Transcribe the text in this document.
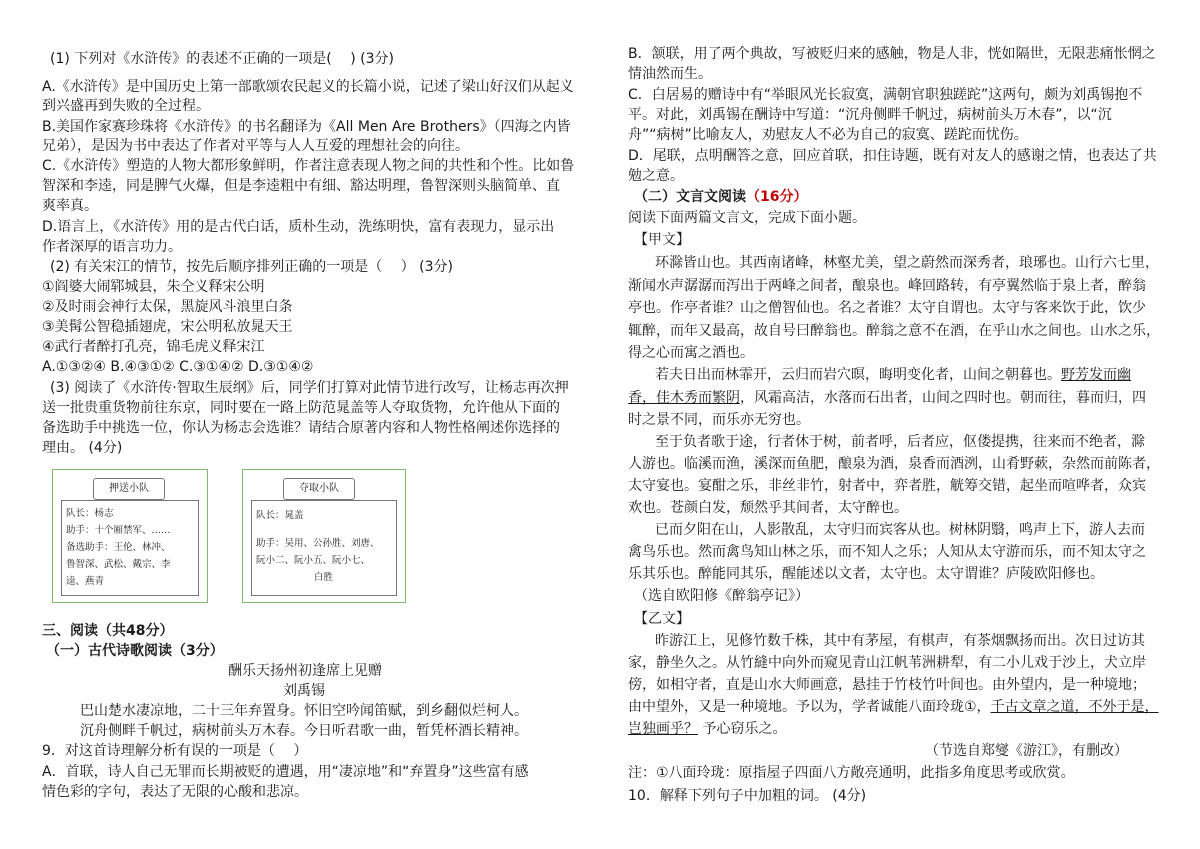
(1) 下列对《水浒传》的表述不正确的一项是(　 ) (3分)
A.《水浒传》是中国历史上第一部歌颂农民起义的长篇小说，记述了梁山好汉们从起义
到兴盛再到失败的全过程。
B.美国作家赛珍珠将《水浒传》的书名翻译为《All Men Are Brothers》（四海之内皆
兄弟），是因为书中表达了作者对平等与人人互爱的理想社会的向往。
C.《水浒传》塑造的人物大都形象鲜明，作者注意表现人物之间的共性和个性。比如鲁
智深和李逵，同是脾气火爆，但是李逵粗中有细、豁达明理，鲁智深则头脑简单、直
爽率真。
D.语言上，《水浒传》用的是古代白话，质朴生动，洗练明快，富有表现力，显示出
作者深厚的语言功力。
(2) 有关宋江的情节，按先后顺序排列正确的一项是（　 ） (3分)
①阎婆大闹郓城县，朱仝义释宋公明
②及时雨会神行太保，黑旋风斗浪里白条
③美髯公智稳插翅虎，宋公明私放晁天王
④武行者醉打孔亮，锦毛虎义释宋江
A.①③②④ B.④③①② C.③①④② D.③①④②
(3) 阅读了《水浒传·智取生辰纲》后，同学们打算对此情节进行改写，让杨志再次押
送一批贵重货物前往东京，同时要在一路上防范晁盖等人夺取货物，允许他从下面的
备选助手中挑选一位，你认为杨志会选谁？请结合原著内容和人物性格阐述你选择的
理由。 (4分)
押送小队
队长：杨志
助手：十个厢禁军、……
备选助手：王伦、林冲、
鲁智深、武松、戴宗、李
逵、燕青
夺取小队
队长：晁盖
助手：吴用、公孙胜、刘唐、
阮小二、阮小五、阮小七、
白胜
三、阅读（共48分）
（一）古代诗歌阅读（3分）
酬乐天扬州初逢席上见赠
刘禹锡
巴山楚水凄凉地，二十三年弃置身。怀旧空吟闻笛赋，到乡翻似烂柯人。
沉舟侧畔千帆过，病树前头万木春。今日听君歌一曲，暂凭杯酒长精神。
9．对这首诗理解分析有误的一项是（　 ）
A．首联，诗人自己无罪而长期被贬的遭遇，用“凄凉地”和“弃置身”这些富有感
情色彩的字句，表达了无限的心酸和悲凉。
B．颔联，用了两个典故，写被贬归来的感触，物是人非，恍如隔世，无限悲痛怅惘之
情油然而生。
C．白居易的赠诗中有“举眼风光长寂寞，满朝官职独蹉跎”这两句，颇为刘禹锡抱不
平。对此，刘禹锡在酬诗中写道：“沉舟侧畔千帆过，病树前头万木春”，以“沉
舟”“病树”比喻友人，劝慰友人不必为自己的寂寞、蹉跎而忧伤。
D．尾联，点明酬答之意，回应首联，扣住诗题，既有对友人的感谢之情，也表达了共
勉之意。
（二）文言文阅读（16分）
阅读下面两篇文言文，完成下面小题。
【甲文】
环滁皆山也。其西南诸峰，林壑尤美，望之蔚然而深秀者，琅琊也。山行六七里，
渐闻水声潺潺而泻出于两峰之间者，酿泉也。峰回路转，有亭翼然临于泉上者，醉翁
亭也。作亭者谁？山之僧智仙也。名之者谁？太守自谓也。太守与客来饮于此，饮少
辄醉，而年又最高，故自号曰醉翁也。醉翁之意不在酒，在乎山水之间也。山水之乐，
得之心而寓之酒也。
若夫日出而林霏开，云归而岩穴暝，晦明变化者，山间之朝暮也。野芳发而幽
香，佳木秀而繁阴，风霜高洁，水落而石出者，山间之四时也。朝而往，暮而归，四
时之景不同，而乐亦无穷也。
至于负者歌于途，行者休于树，前者呼，后者应，伛偻提携，往来而不绝者，滁
人游也。临溪而渔，溪深而鱼肥，酿泉为酒，泉香而酒洌，山肴野蔌，杂然而前陈者，
太守宴也。宴酣之乐，非丝非竹，射者中，弈者胜，觥筹交错，起坐而喧哗者，众宾
欢也。苍颜白发，颓然乎其间者，太守醉也。
已而夕阳在山，人影散乱，太守归而宾客从也。树林阴翳，鸣声上下，游人去而
禽鸟乐也。然而禽鸟知山林之乐，而不知人之乐；人知从太守游而乐，而不知太守之
乐其乐也。醉能同其乐，醒能述以文者，太守也。太守谓谁？庐陵欧阳修也。
（选自欧阳修《醉翁亭记》）
【乙文】
昨游江上，见修竹数千株，其中有茅屋，有棋声，有茶烟飘扬而出。次日过访其
家，静坐久之。从竹縫中向外而窥见青山江帆苇洲耕犁，有二小儿戏于沙上，犬立岸
傍，如相守者，直是山水大师画意，悬挂于竹枝竹叶间也。由外望内，是一种境地；
由中望外，又是一种境地。予以为，学者诚能八面玲珑①，千古文章之道，不外于是，
岂独画乎？ 予心窃乐之。
（节选自郑燮《游江》，有删改）
注：①八面玲珑：原指屋子四面八方敞亮通明，此指多角度思考或欣赏。
10．解释下列句子中加粗的词。 (4分)
